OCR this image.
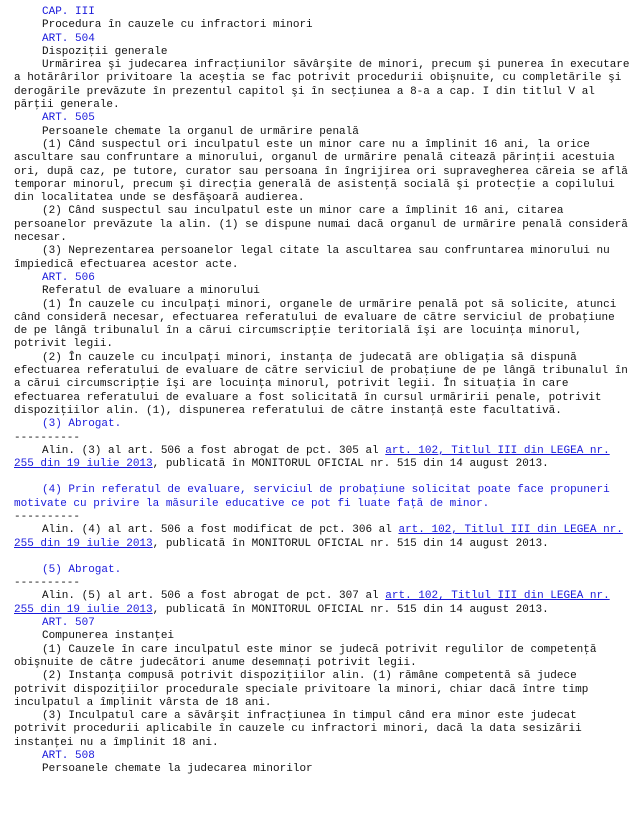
CAP. III

Procedura în cauzele cu infractori minori

ART. 504

Dispoziţii generale

Urmărirea şi judecarea infracţiunilor săvârşite de minori, precum şi punerea în executare a hotărârilor privitoare la aceştia se fac potrivit procedurii obişnuite, cu completările şi derogările prevăzute în prezentul capitol şi în secţiunea a 8-a a cap. I din titlul V al părţii generale.

ART. 505

Persoanele chemate la organul de urmărire penală

(1) Când suspectul ori inculpatul este un minor care nu a împlinit 16 ani, la orice ascultare sau confruntare a minorului, organul de urmărire penală citează părinţii acestuia ori, după caz, pe tutore, curator sau persoana în îngrijirea ori supravegherea căreia se află temporar minorul, precum şi direcţia generală de asistenţă socială şi protecţie a copilului din localitatea unde se desfăşoară audierea.

(2) Când suspectul sau inculpatul este un minor care a împlinit 16 ani, citarea persoanelor prevăzute la alin. (1) se dispune numai dacă organul de urmărire penală consideră necesar.

(3) Neprezentarea persoanelor legal citate la ascultarea sau confruntarea minorului nu împiedică efectuarea acestor acte.

ART. 506

Referatul de evaluare a minorului

(1) În cauzele cu inculpaţi minori, organele de urmărire penală pot să solicite, atunci când consideră necesar, efectuarea referatului de evaluare de către serviciul de probaţiune de pe lângă tribunalul în a cărui circumscripţie teritorială îşi are locuinţa minorul, potrivit legii.

(2) În cauzele cu inculpaţi minori, instanţa de judecată are obligaţia să dispună efectuarea referatului de evaluare de către serviciul de probaţiune de pe lângă tribunalul în a cărui circumscripţie îşi are locuinţa minorul, potrivit legii. În situaţia în care efectuarea referatului de evaluare a fost solicitată în cursul urmăririi penale, potrivit dispoziţiilor alin. (1), dispunerea referatului de către instanţă este facultativă.

(3) Abrogat.

----------

Alin. (3) al art. 506 a fost abrogat de pct. 305 al art. 102, Titlul III din LEGEA nr. 255 din 19 iulie 2013, publicată în MONITORUL OFICIAL nr. 515 din 14 august 2013.

(4) Prin referatul de evaluare, serviciul de probaţiune solicitat poate face propuneri motivate cu privire la măsurile educative ce pot fi luate faţă de minor.

----------

Alin. (4) al art. 506 a fost modificat de pct. 306 al art. 102, Titlul III din LEGEA nr. 255 din 19 iulie 2013, publicată în MONITORUL OFICIAL nr. 515 din 14 august 2013.

(5) Abrogat.

----------

Alin. (5) al art. 506 a fost abrogat de pct. 307 al art. 102, Titlul III din LEGEA nr. 255 din 19 iulie 2013, publicată în MONITORUL OFICIAL nr. 515 din 14 august 2013.

ART. 507

Compunerea instanţei

(1) Cauzele în care inculpatul este minor se judecă potrivit regulilor de competenţă obişnuite de către judecători anume desemnaţi potrivit legii.

(2) Instanţa compusă potrivit dispoziţiilor alin. (1) rămâne competentă să judece potrivit dispoziţiilor procedurale speciale privitoare la minori, chiar dacă între timp inculpatul a împlinit vârsta de 18 ani.

(3) Inculpatul care a săvârşit infracţiunea în timpul când era minor este judecat potrivit procedurii aplicabile în cauzele cu infractori minori, dacă la data sesizării instanţei nu a împlinit 18 ani.

ART. 508

Persoanele chemate la judecarea minorilor
